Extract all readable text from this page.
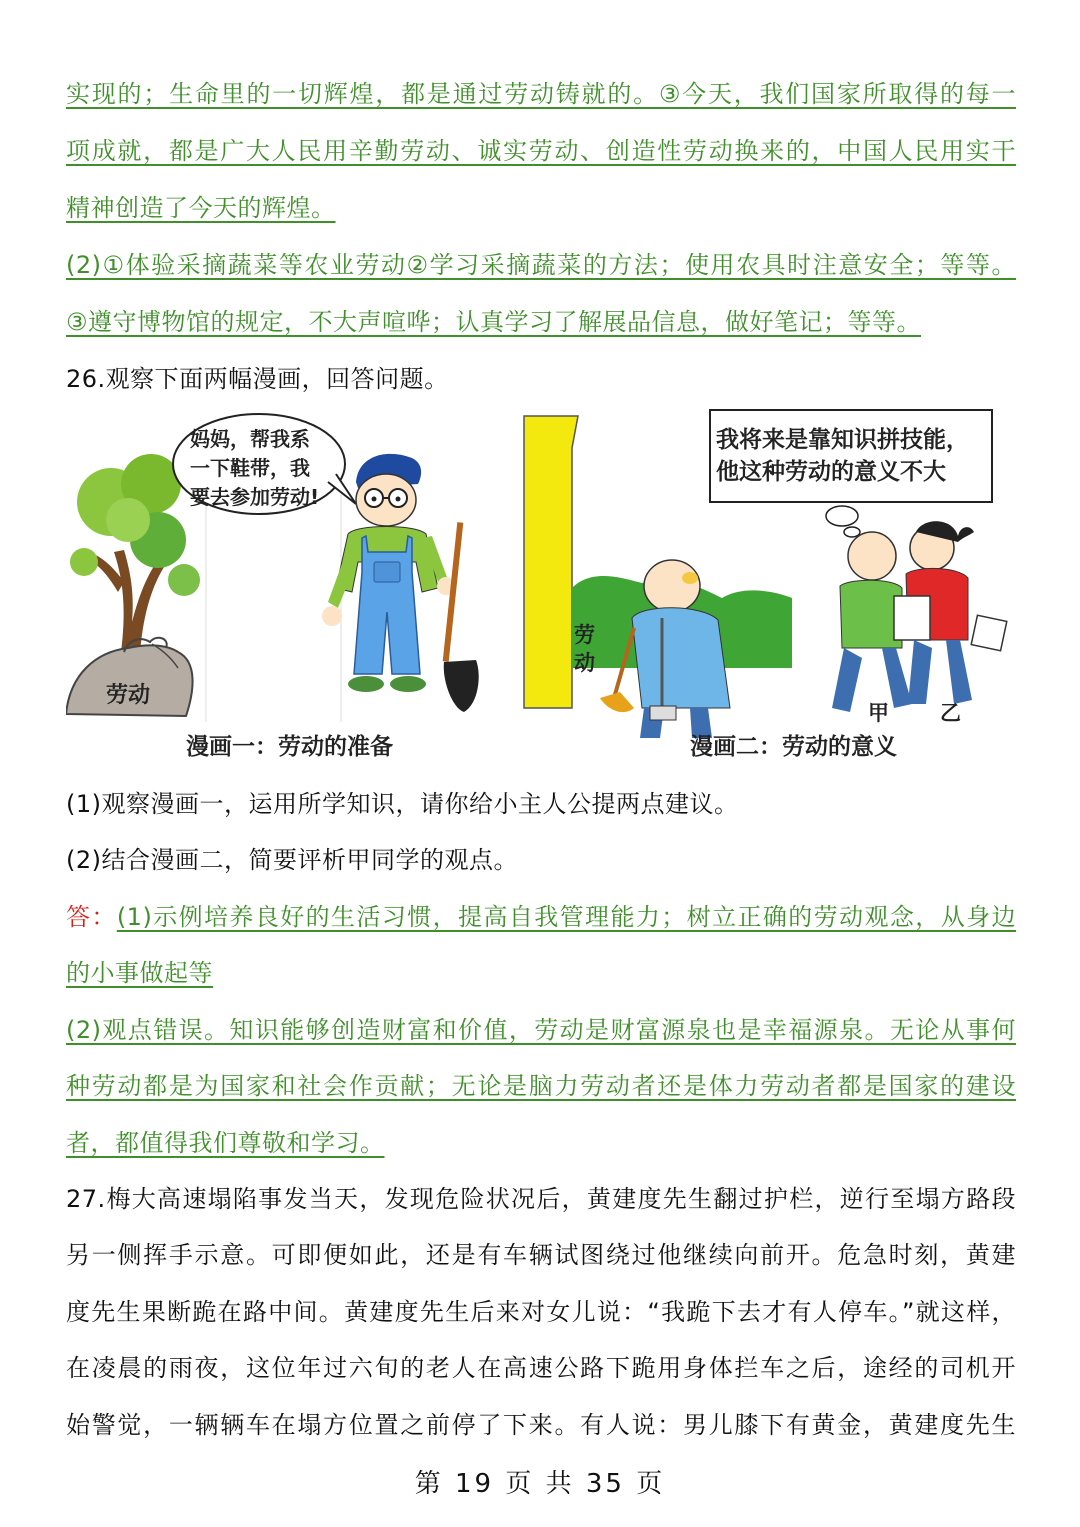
实现的；生命里的一切辉煌，都是通过劳动铸就的。③今天，我们国家所取得的每一
项成就，都是广大人民用辛勤劳动、诚实劳动、创造性劳动换来的，中国人民用实干
精神创造了今天的辉煌。
(2)①体验采摘蔬菜等农业劳动②学习采摘蔬菜的方法；使用农具时注意安全；等等。
③遵守博物馆的规定，不大声喧哗；认真学习了解展品信息，做好笔记；等等。
26.观察下面两幅漫画，回答问题。
劳动
妈妈，帮我系
一下鞋带，我
要去参加劳动!
漫画一：劳动的准备
劳
动
甲 乙
我将来是靠知识拼技能，
他这种劳动的意义不大
漫画二：劳动的意义
(1)观察漫画一，运用所学知识，请你给小主人公提两点建议。
(2)结合漫画二，简要评析甲同学的观点。
答：(1)示例培养良好的生活习惯，提高自我管理能力；树立正确的劳动观念，从身边
的小事做起等
(2)观点错误。知识能够创造财富和价值，劳动是财富源泉也是幸福源泉。无论从事何
种劳动都是为国家和社会作贡献；无论是脑力劳动者还是体力劳动者都是国家的建设
者，都值得我们尊敬和学习。
27.梅大高速塌陷事发当天，发现危险状况后，黄建度先生翻过护栏，逆行至塌方路段
另一侧挥手示意。可即便如此，还是有车辆试图绕过他继续向前开。危急时刻，黄建
度先生果断跪在路中间。黄建度先生后来对女儿说：“我跪下去才有人停车。”就这样，
在凌晨的雨夜，这位年过六旬的老人在高速公路下跪用身体拦车之后，途经的司机开
始警觉，一辆辆车在塌方位置之前停了下来。有人说：男儿膝下有黄金，黄建度先生
第 19 页 共 35 页
